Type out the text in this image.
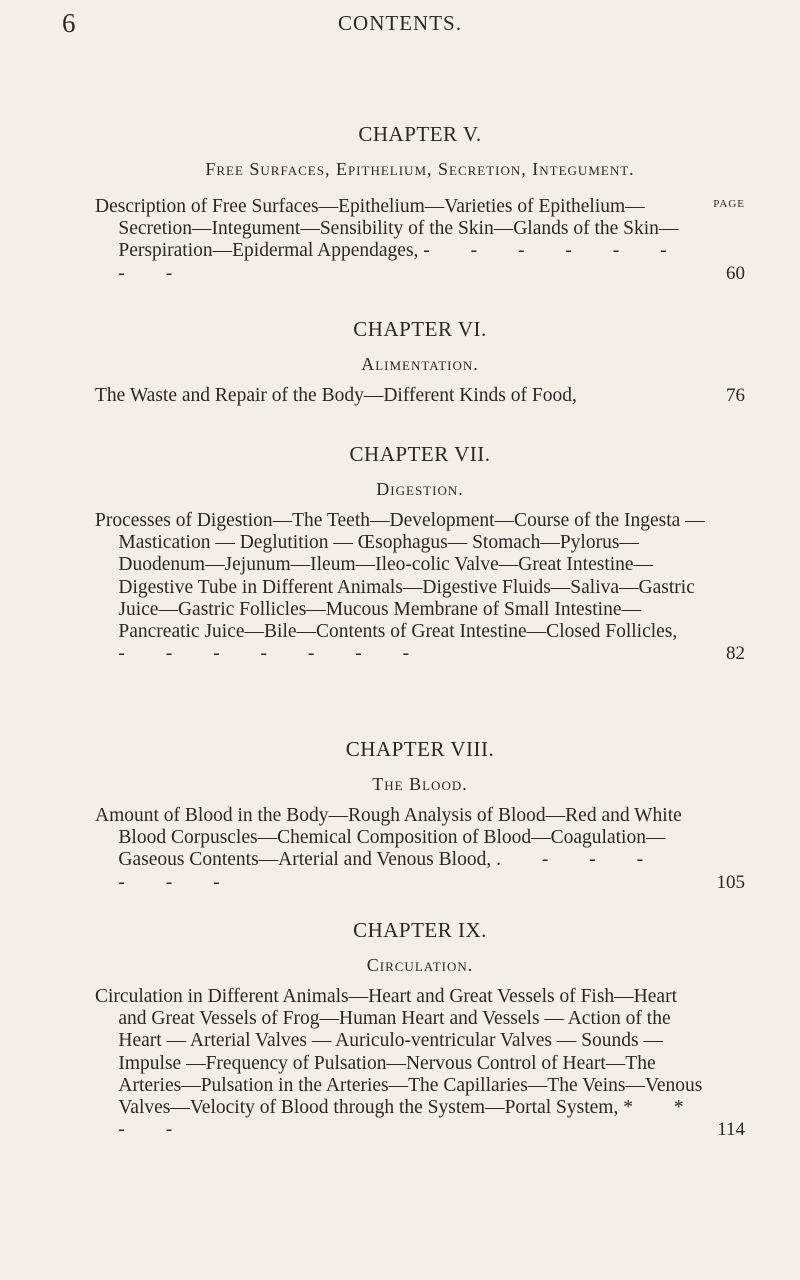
6	CONTENTS.
CHAPTER V.
Free Surfaces, Epithelium, Secretion, Integument.
PAGE
Description of Free Surfaces—Epithelium—Varieties of Epithelium—Secretion—Integument—Sensibility of the Skin—Glands of the Skin—Perspiration—Epidermal Appendages, - - - - - - - -	60
CHAPTER VI.
Alimentation.
The Waste and Repair of the Body—Different Kinds of Food,	76
CHAPTER VII.
Digestion.
Processes of Digestion—The Teeth—Development—Course of the Ingesta — Mastication — Deglutition — Œsophagus— Stomach—Pylorus—Duodenum—Jejunum—Ileum—Ileo-colic Valve—Great Intestine—Digestive Tube in Different Animals—Digestive Fluids—Saliva—Gastric Juice—Gastric Follicles—Mucous Membrane of Small Intestine—Pancreatic Juice—Bile—Contents of Great Intestine—Closed Follicles, - - - - - - -	82
CHAPTER VIII.
The Blood.
Amount of Blood in the Body—Rough Analysis of Blood—Red and White Blood Corpuscles—Chemical Composition of Blood—Coagulation—Gaseous Contents—Arterial and Venous Blood, . - - - - - -	105
CHAPTER IX.
Circulation.
Circulation in Different Animals—Heart and Great Vessels of Fish—Heart and Great Vessels of Frog—Human Heart and Vessels — Action of the Heart — Arterial Valves — Auriculo-ventricular Valves — Sounds — Impulse —Frequency of Pulsation—Nervous Control of Heart—The Arteries—Pulsation in the Arteries—The Capillaries—The Veins—Venous Valves—Velocity of Blood through the System—Portal System, * * - -	114
